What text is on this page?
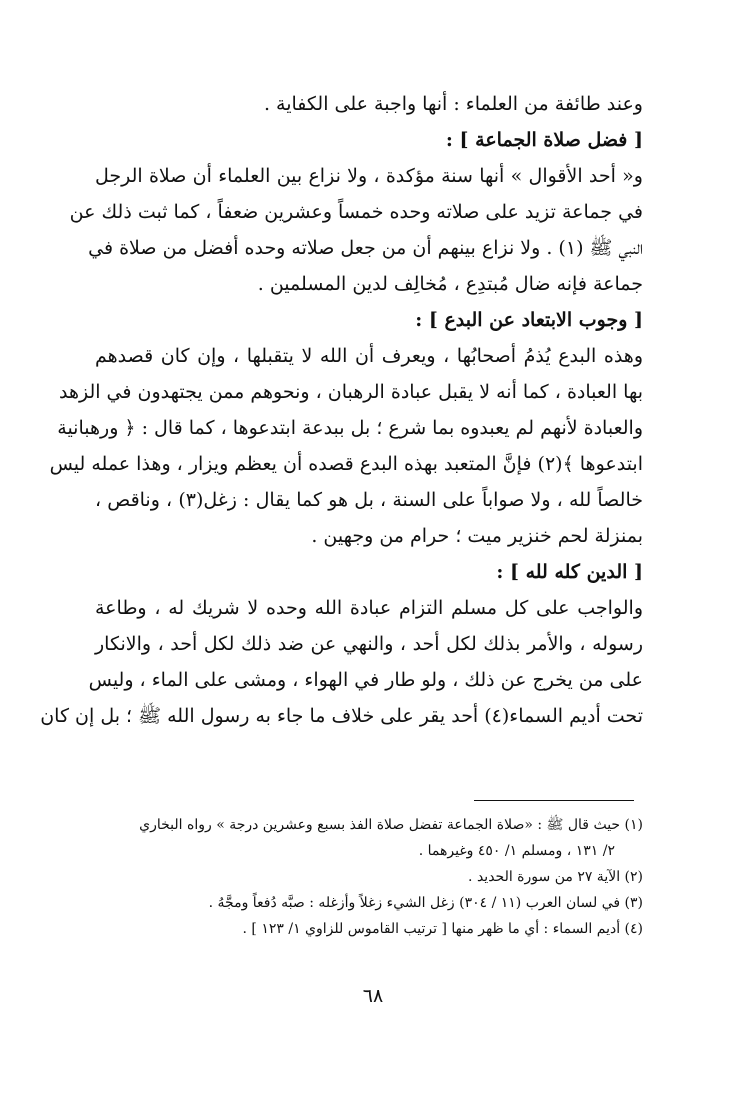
وعند طائفة من العلماء : أنها واجبة على الكفاية .
[ فضل صلاة الجماعة ] :
و« أحد الأقوال » أنها سنة مؤكدة ، ولا نزاع بين العلماء أن صلاة الرجل
في جماعة تزيد على صلاته وحده خمساً وعشرين ضعفاً ، كما ثبت ذلك عن
النبي ﷺ (١) . ولا نزاع بينهم أن من جعل صلاته وحده أفضل من صلاة في
جماعة فإنه ضال مُبتدِع ، مُخالِف لدين المسلمين .
[ وجوب الابتعاد عن البدع ] :
وهذه البدع يُذمُ أصحابُها ، ويعرف أن الله لا يتقبلها ، وإن كان قصدهم
بها العبادة ، كما أنه لا يقبل عبادة الرهبان ، ونحوهم ممن يجتهدون في الزهد
والعبادة لأنهم لم يعبدوه بما شرع ؛ بل ببدعة ابتدعوها ، كما قال : ﴿ ورهبانية
ابتدعوها ﴾(٢) فإنَّ المتعبد بهذه البدع قصده أن يعظم ويزار ، وهذا عمله ليس
خالصاً لله ، ولا صواباً على السنة ، بل هو كما يقال : زغل(٣) ، وناقص ،
بمنزلة لحم خنزير ميت ؛ حرام من وجهين .
[ الدين كله لله ] :
والواجب على كل مسلم التزام عبادة الله وحده لا شريك له ، وطاعة
رسوله ، والأمر بذلك لكل أحد ، والنهي عن ضد ذلك لكل أحد ، والانكار
على من يخرج عن ذلك ، ولو طار في الهواء ، ومشى على الماء ، وليس
تحت أديم السماء(٤) أحد يقر على خلاف ما جاء به رسول الله ﷺ ؛ بل إن كان
(١) حيث قال ﷺ : «صلاة الجماعة تفضل صلاة الفذ بسبع وعشرين درجة » رواه البخاري
٢/ ١٣١ ، ومسلم ١/ ٤٥٠ وغيرهما .
(٢) الآية ٢٧ من سورة الحديد .
(٣) في لسان العرب (١١ / ٣٠٤) زغل الشيء زغلاً وأزغله : صبَّه دُفعاً ومجَّهُ .
(٤) أديم السماء : أي ما ظهر منها [ ترتيب القاموس للزاوي ١/ ١٢٣ ] .
٦٨
